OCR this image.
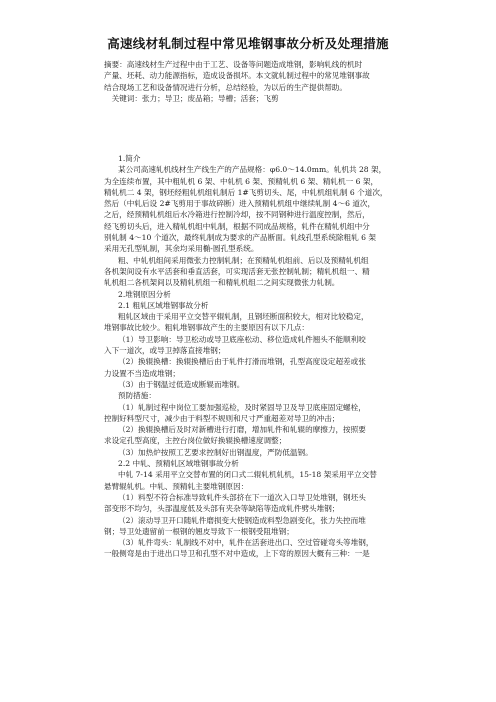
高速线材轧制过程中常见堆钢事故分析及处理措施
摘要：高速线材生产过程中由于工艺、设备等问题造成堆钢，影响轧线的机时
产量、坯耗、动力能源指标，造成设备损坏。本文就轧制过程中的常见堆钢事故
结合现场工艺和设备情况进行分析，总结经验，为以后的生产提供帮助。
　关键词：张力；导卫；废品箱；导槽；活套；飞剪
1.简介
某公司高速轧机线材生产线生产的产品规格：φ6.0～14.0mm。轧机共 28 架，
为全连续布置，其中粗轧机 6 架、中轧机 6 架、预精轧机 6 架、精轧机一 6 架，
精轧机二 4 架，钢坯经粗轧机组轧制后 1#飞剪切头、尾，中轧机组轧制 6 个道次，
然后（中轧后设 2#飞剪用于事故碎断）进入预精轧机组中继续轧制 4～6 道次，
之后，经预精轧机组后水冷箱进行控制冷却，按不同钢种进行温度控制，然后，
经飞剪切头后，进入精轧机组中轧制，根据不同成品规格，轧件在精轧机组中分
别轧制 4～10 个道次，最终轧制成为要求的产品断面。轧线孔型系统除粗轧 6 架
采用无孔型轧制，其余均采用椭-圆孔型系统。
粗、中轧机组间采用微张力控制轧制；在预精轧机组前、后以及预精轧机组
各机架间设有水平活套和垂直活套，可实现活套无张控制轧制；精轧机组一、精
轧机组二各机架间以及精轧机组一和精轧机组二之间实现微张力轧制。
2.堆钢原因分析
2.1 粗轧区域堆钢事故分析
粗轧区域由于采用平立交替平辊轧制，且钢坯断面积较大，相对比较稳定，
堆钢事故比较少。粗轧堆钢事故产生的主要原因有以下几点：
（1）导卫影响：导卫松动或导卫底座松动、移位造成轧件翘头不能顺利咬
入下一道次，或导卫掉落直接堆钢；
（2）换辊换槽：换辊换槽后由于轧件打滑而堆钢，孔型高度设定超差或张
力设置不当造成堆钢；
（3）由于钢温过低造成断辊而堆钢。
预防措施：
（1）轧制过程中岗位工要加强巡检，及时紧固导卫及导卫底座固定螺栓，
控制好料型尺寸，减少由于料型不规则和尺寸严重超差对导卫的冲击；
（2）换辊换槽后及时对新槽进行打磨，增加轧件和轧辊的摩擦力，按照要
求设定孔型高度，主控台岗位做好换辊换槽速度调整；
（3）加热炉按照工艺要求控制好出钢温度，严防低温钢。
2.2 中轧、预精轧区域堆钢事故分析
中轧 7-14 采用平立交替布置的闭口式二辊轧机轧机，15-18 架采用平立交替
悬臂辊轧机。中轧、预精轧主要堆钢原因：
（1）料型不符合标准导致轧件头部挤在下一道次入口导卫处堆钢，钢坯头
部变形不均匀，头部温度低及头部有夹杂等缺陷等造成轧件劈头堆钢；
（2）滚动导卫开口随轧件磨损变大使钢造成料型急剧变化，张力失控而堆
钢；导卫处遗留前一根钢的翘皮导致下一根钢受阻堆钢；
（3）轧件弯头：轧制线不对中，轧件在活套进出口、空过管碰弯头等堆钢，
一般侧弯是由于进出口导卫和孔型不对中造成，上下弯的原因大概有三种：一是
